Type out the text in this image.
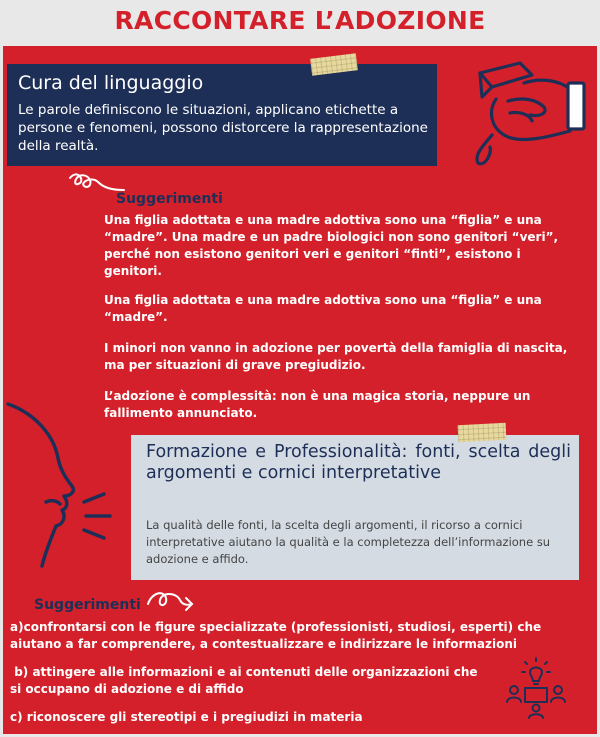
RACCONTARE L’ADOZIONE
Cura del linguaggio
Le parole definiscono le situazioni, applicano etichette a persone e fenomeni, possono distorcere la rappresentazione della realtà.
Suggerimenti
Una figlia adottata e una madre adottiva sono una “figlia” e una “madre”. Una madre e un padre biologici non sono genitori “veri”, perché non esistono genitori veri e genitori “finti”, esistono i genitori.
Una figlia adottata e una madre adottiva sono una “figlia” e una “madre”.
I minori non vanno in adozione per povertà della famiglia di nascita, ma per situazioni di grave pregiudizio.
L’adozione è complessità: non è una magica storia, neppure un fallimento annunciato.
Formazione e Professionalità: fonti, scelta degli argomenti e cornici interpretative
La qualità delle fonti, la scelta degli argomenti, il ricorso a cornici interpretative aiutano la qualità e la completezza dell’informazione su adozione e affido.
Suggerimenti
a)confrontarsi con le figure specializzate (professionisti, studiosi, esperti) che aiutano a far comprendere, a contestualizzare e indirizzare le informazioni
b) attingere alle informazioni e ai contenuti delle organizzazioni che si occupano di adozione e di affido
c) riconoscere gli stereotipi e i pregiudizi in materia
